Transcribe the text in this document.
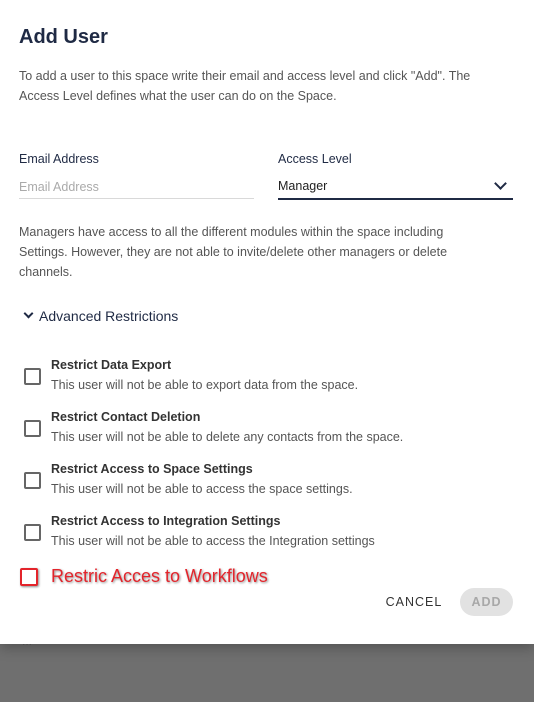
Add User
To add a user to this space write their email and access level and click "Add". The Access Level defines what the user can do on the Space.
Email Address
Email Address	Access Level
Manager
Managers have access to all the different modules within the space including Settings. However, they are not able to invite/delete other managers or delete channels.
Advanced Restrictions
Restrict Data Export
This user will not be able to export data from the space.
Restrict Contact Deletion
This user will not be able to delete any contacts from the space.
Restrict Access to Space Settings
This user will not be able to access the space settings.
Restrict Access to Integration Settings
This user will not be able to access the Integration settings
Restric Acces to Workflows
CANCEL	ADD
